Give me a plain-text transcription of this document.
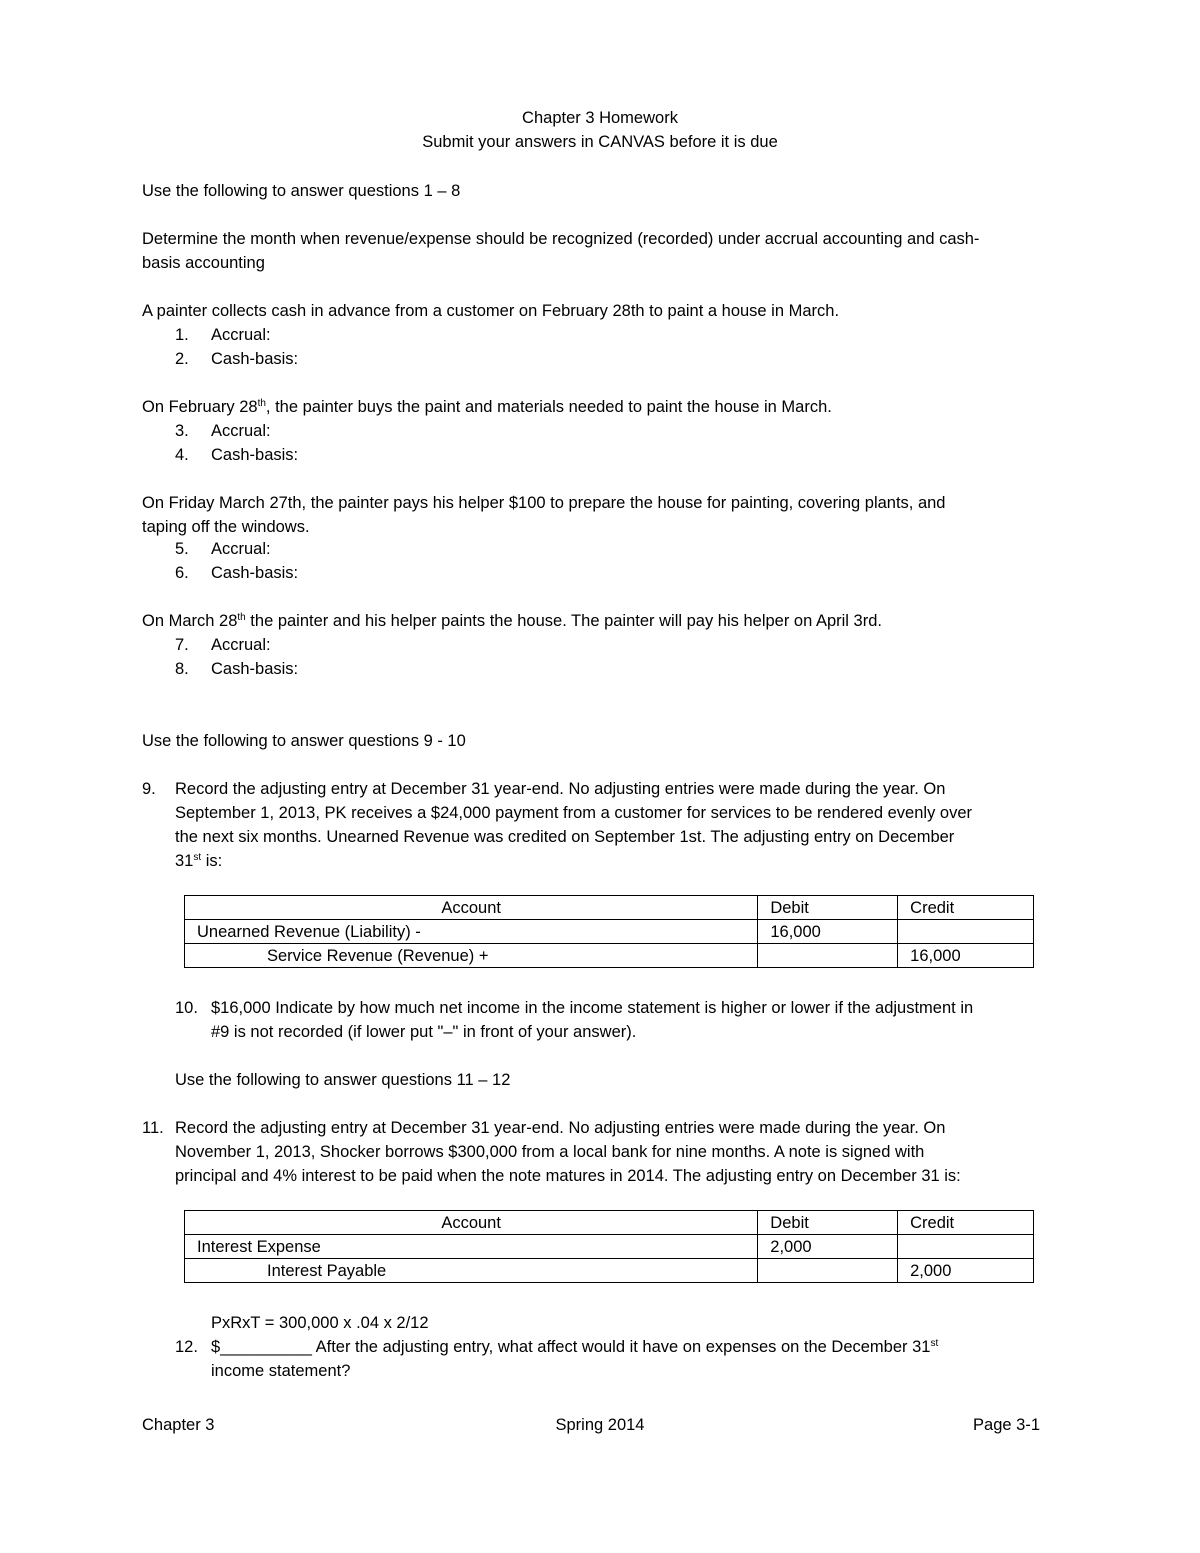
Chapter 3 Homework
Submit your answers in CANVAS before it is due
Use the following to answer questions 1 – 8
Determine the month when revenue/expense should be recognized (recorded) under accrual accounting and cash-
basis accounting
A painter collects cash in advance from a customer on February 28th to paint a house in March.
1. Accrual:
2. Cash-basis:
On February 28th, the painter buys the paint and materials needed to paint the house in March.
3. Accrual:
4. Cash-basis:
On Friday March 27th, the painter pays his helper $100 to prepare the house for painting, covering plants, and
taping off the windows.
5. Accrual:
6. Cash-basis:
On March 28th the painter and his helper paints the house. The painter will pay his helper on April 3rd.
7. Accrual:
8. Cash-basis:
Use the following to answer questions 9 - 10
9. Record the adjusting entry at December 31 year-end. No adjusting entries were made during the year. On
September 1, 2013, PK receives a $24,000 payment from a customer for services to be rendered evenly over
the next six months. Unearned Revenue was credited on September 1st. The adjusting entry on December
31st is:
Account	Debit	Credit
Unearned Revenue (Liability) -	16,000	
Service Revenue (Revenue) +		16,000
10. $16,000 Indicate by how much net income in the income statement is higher or lower if the adjustment in
#9 is not recorded (if lower put "–" in front of your answer).
Use the following to answer questions 11 – 12
11. Record the adjusting entry at December 31 year-end. No adjusting entries were made during the year. On
November 1, 2013, Shocker borrows $300,000 from a local bank for nine months. A note is signed with
principal and 4% interest to be paid when the note matures in 2014. The adjusting entry on December 31 is:
Account	Debit	Credit
Interest Expense	2,000	
Interest Payable		2,000
PxRxT = 300,000 x .04 x 2/12
12. $__________ After the adjusting entry, what affect would it have on expenses on the December 31st
income statement?
Chapter 3	Spring 2014	Page 3-1
